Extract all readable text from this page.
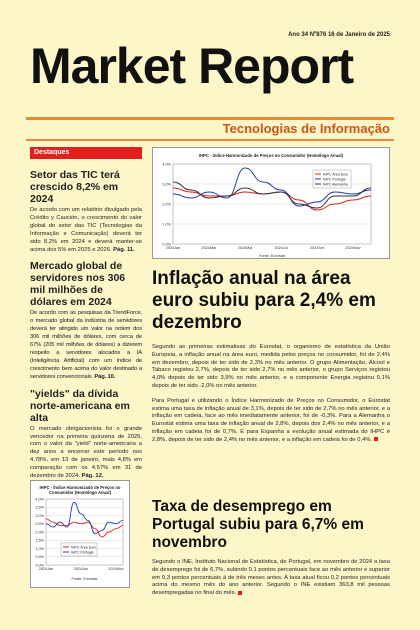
Ano 34 Nº876 16 de Janeiro de 2025
Market Report
Tecnologias de Informação
Destaques
Setor das TIC terá crescido 8,2% em 2024
De acordo com um relatório divulgado pela Crédito y Caución, o crescimento do valor global do setor das TIC (Tecnologias da Informação e Comunicação) deverá ter sido 8,2% em 2024 e deverá manter-se acima dos 5% em 2025 e 2026. Pág. 11.
Mercado global de servidores nos 306 mil milhões de dólares em 2024
De acordo com as pesquisas da TrendForce, o mercado global da indústria de servidores deverá ter atingido um valor na ordem dos 306 mil milhões de dólares, com cerca de 67% (205 mil milhões de dólares) a dizerem respeito a servidores alocados a IA (Inteligência Artificial) com um índice de crescimento bem acima do valor destinado a servidores convencionais. Pág. 10.
"yields" da dívida norte-americana em alta
O mercado obrigacionista foi o grande vencedor na primeira quinzena de 2025, com o valor da "yield" norte-americana a dez anos a encerrar este período nos 4,78%, em 13 de janeiro, mais 4,8% em comparação com os 4,57% em 31 de dezembro de 2024. Pág. 12.
IHPC - Índice Harmonizado de Preços no
Consumidor (Homólogo Anual)
0,0%
0,5%
1,0%
1,5%
2,0%
2,5%
3,0%
3,5%
4,0%
2024Jan	2024Jun	2024Nov
IHPC Área Euro
IHPC Portugal
Fonte: Eurostat
IHPC - Índice Harmonizado de Preços no Consumidor (Homólogo Anual)
0,0%
1,0%
2,0%
3,0%
4,0%
2024Jan	2024Mar	2024Mai	2024Jul	2024Set	2024Nov
IHPC Área Euro
IHPC Portugal
IHPC Alemanha
Fonte: Eurostat
Inflação anual na área euro subiu para 2,4% em dezembro
Segundo as primeiras estimativas do Eurostat, o organismo de estatística da União Europeia, a inflação anual na área euro, medida pelos preços no consumidor, foi de 2,4% em dezembro, depois de ter sido de 2,3% no mês anterior. O grupo Alimentação, Álcool e Tabaco registou 2,7%, depois de ter sido 2,7% no mês anterior, o grupo Serviços registou 4,0% depois de ter sido 3,9% no mês anterior, e a componente Energia registou 0,1% depois de ter sido -2,0% no mês anterior.
Para Portugal e utilizando o Índice Harmonizado de Preços no Consumidor, o Eurostat estima uma taxa de inflação anual de 3,1%, depois de ter sido de 2,7% no mês anterior, e a inflação em cadeia, face ao mês imediatamente anterior, foi de -0,3%. Para a Alemanha o Eurostat estima uma taxa de inflação anual de 2,8%, depois dos 2,4% no mês anterior, e a inflação em cadeia foi de 0,7%. E para Espanha a evolução anual estimada do IHPC é 2,8%, depois de ter sido de 2,4% no mês anterior, e a inflação em cadeia foi de 0,4%.
Taxa de desemprego em Portugal subiu para 6,7% em novembro
Segundo o INE, Instituto Nacional de Estatística, de Portugal, em novembro de 2024 a taxa de desemprego foi de 6,7%, subindo 0,1 pontos percentuais face ao mês anterior e superior em 0,3 pontos percentuais à de três meses antes. A taxa atual ficou 0,2 pontos percentuais acima do mesmo mês do ano anterior. Segundo o INE existiam 363,8 mil pessoas desempregadas no final do mês.
